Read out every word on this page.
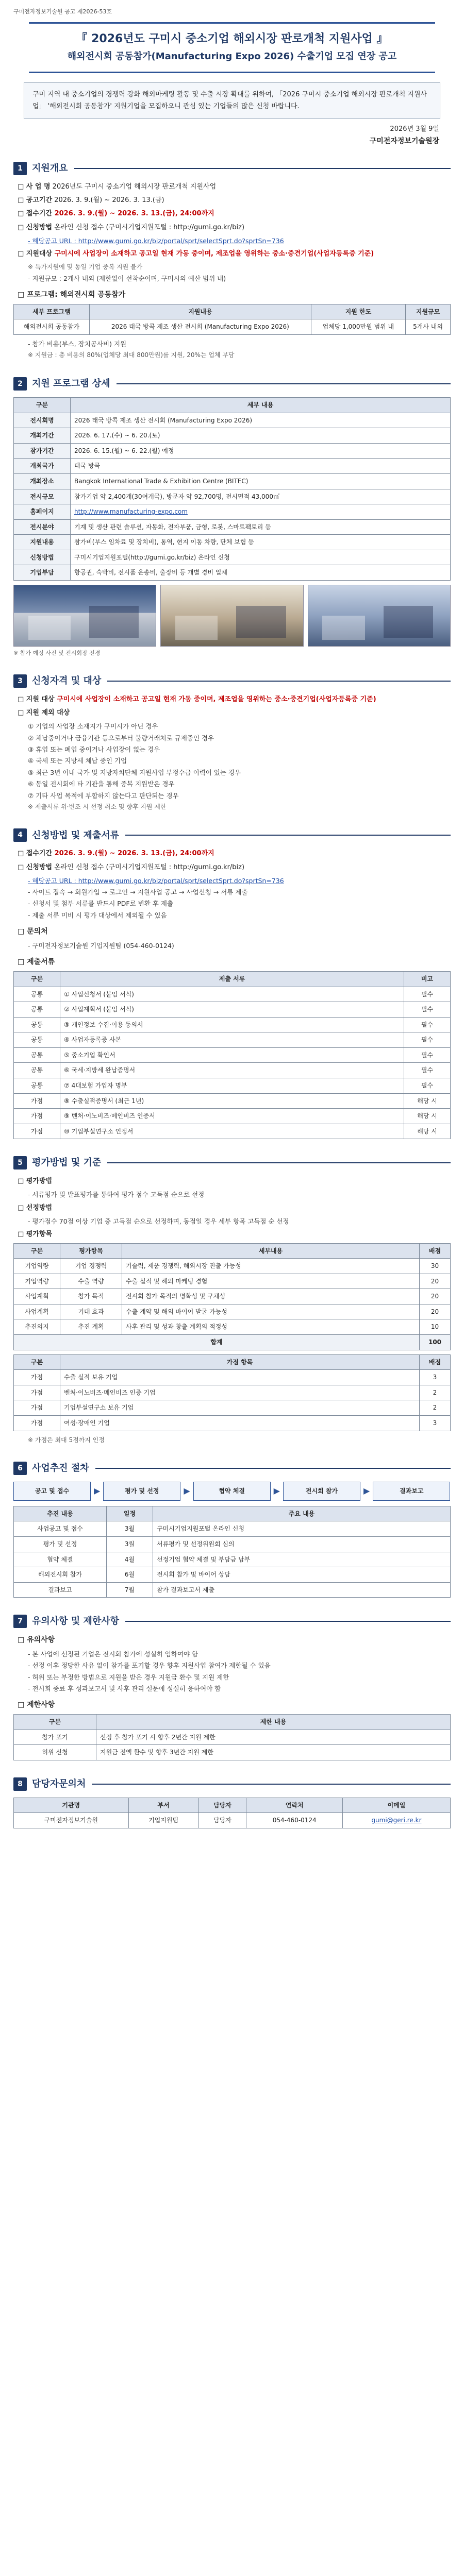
구미전자정보기술원 공고 제2026-53호
『 2026년도 구미시 중소기업 해외시장 판로개척 지원사업 』
해외전시회 공동참가(Manufacturing Expo 2026) 수출기업 모집 연장 공고
구미 지역 내 중소기업의 경쟁력 강화 해외마케팅 활동 및 수출 시장 확대를 위하여, 「2026 구미시 중소기업 해외시장 판로개척 지원사업」 '해외전시회 공동참가' 지원기업을 모집하오니 관심 있는 기업들의 많은 신청 바랍니다.
2026년 3월 9일
구미전자정보기술원장
1	지원개요
□ 사 업 명 2026년도 구미시 중소기업 해외시장 판로개척 지원사업
□ 공고기간 2026. 3. 9.(월) ~ 2026. 3. 13.(금)
□ 접수기간 2026. 3. 9.(월) ~ 2026. 3. 13.(금), 24:00까지
□ 신청방법 온라인 신청 접수 (구미시기업지원포털 : http://gumi.go.kr/biz)
- 해당공고 URL : http://www.gumi.go.kr/biz/portal/sprt/selectSprt.do?sprtSn=736
□ 지원대상 구미시에 사업장이 소재하고 공고일 현재 가동 중이며, 제조업을 영위하는 중소·중견기업(사업자등록증 기준)
※ 특가지원에 및 동일 기업 중복 지원 불가
- 지원규모 : 2개사 내외 (제한없이 선착순이며, 구미시의 예산 범위 내)
□ 프로그램: 해외전시회 공동참가
세부 프로그램	지원내용	지원 한도	지원규모
해외전시회 공동참가	2026 태국 방콕 제조 생산 전시회 (Manufacturing Expo 2026)	업체당 1,000만원 범위 내	5개사 내외
- 참가 비용(부스, 장치공사비) 지원
※ 지원금 : 총 비용의 80%(업체당 최대 800만원)를 지원, 20%는 업체 부담
2	지원 프로그램 상세
구분	세부 내용
전시회명	2026 태국 방콕 제조 생산 전시회 (Manufacturing Expo 2026)
개최기간	2026. 6. 17.(수) ~ 6. 20.(토)
참가기간	2026. 6. 15.(월) ~ 6. 22.(월) 예정
개최국가	태국 방콕
개최장소	Bangkok International Trade & Exhibition Centre (BITEC)
전시규모	참가기업 약 2,400개(30여개국), 방문자 약 92,700명, 전시면적 43,000㎡
홈페이지	http://www.manufacturing-expo.com
전시분야	기계 및 생산 관련 솔루션, 자동화, 전자부품, 금형, 로봇, 스마트팩토리 등
지원내용	참가비(부스 임차료 및 장치비), 통역, 현지 이동 차량, 단체 보험 등
신청방법	구미시기업지원포털(http://gumi.go.kr/biz) 온라인 신청
기업부담	항공권, 숙박비, 전시품 운송비, 출장비 등 개별 경비 일체
※ 참가 예정 사진 및 전시회장 전경
3	신청자격 및 대상
□ 지원 대상 구미시에 사업장이 소재하고 공고일 현재 가동 중이며, 제조업을 영위하는 중소·중견기업(사업자등록증 기준)
□ 지원 제외 대상
① 기업의 사업장 소재지가 구미시가 아닌 경우
② 체납중이거나 금융기관 등으로부터 불량거래처로 규제중인 경우
③ 휴업 또는 폐업 중이거나 사업장이 없는 경우
④ 국세 또는 지방세 체납 중인 기업
⑤ 최근 3년 이내 국가 및 지방자치단체 지원사업 부정수급 이력이 있는 경우
⑥ 동일 전시회에 타 기관을 통해 중복 지원받은 경우
⑦ 기타 사업 목적에 부합하지 않는다고 판단되는 경우
※ 제출서류 위·변조 시 선정 취소 및 향후 지원 제한
4	신청방법 및 제출서류
□ 접수기간 2026. 3. 9.(월) ~ 2026. 3. 13.(금), 24:00까지
□ 신청방법 온라인 신청 접수 (구미시기업지원포털 : http://gumi.go.kr/biz)
- 해당공고 URL : http://www.gumi.go.kr/biz/portal/sprt/selectSprt.do?sprtSn=736
- 사이트 접속 → 회원가입 → 로그인 → 지원사업 공고 → 사업신청 → 서류 제출
- 신청서 및 첨부 서류를 반드시 PDF로 변환 후 제출
- 제출 서류 미비 시 평가 대상에서 제외될 수 있음
□ 문의처
- 구미전자정보기술원 기업지원팀 (054-460-0124)
□ 제출서류
구분	제출 서류	비고
공통	① 사업신청서 (붙임 서식)	필수
공통	② 사업계획서 (붙임 서식)	필수
공통	③ 개인정보 수집·이용 동의서	필수
공통	④ 사업자등록증 사본	필수
공통	⑤ 중소기업 확인서	필수
공통	⑥ 국세·지방세 완납증명서	필수
공통	⑦ 4대보험 가입자 명부	필수
가점	⑧ 수출실적증명서 (최근 1년)	해당 시
가점	⑨ 벤처·이노비즈·메인비즈 인증서	해당 시
가점	⑩ 기업부설연구소 인정서	해당 시
5	평가방법 및 기준
□ 평가방법
- 서류평가 및 발표평가를 통하여 평가 점수 고득점 순으로 선정
□ 선정방법
- 평가점수 70점 이상 기업 중 고득점 순으로 선정하며, 동점일 경우 세부 항목 고득점 순 선정
□ 평가항목
구분	평가항목	세부내용	배점
기업역량	기업 경쟁력	기술력, 제품 경쟁력, 해외시장 진출 가능성	30
기업역량	수출 역량	수출 실적 및 해외 마케팅 경험	20
사업계획	참가 목적	전시회 참가 목적의 명확성 및 구체성	20
사업계획	기대 효과	수출 계약 및 해외 바이어 발굴 가능성	20
추진의지	추진 계획	사후 관리 및 성과 창출 계획의 적정성	10
합계			100
구분	가점 항목	배점
가점	수출 실적 보유 기업	3
가점	벤처·이노비즈·메인비즈 인증 기업	2
가점	기업부설연구소 보유 기업	2
가점	여성·장애인 기업	3
※ 가점은 최대 5점까지 인정
6	사업추진 절차
공고 및 접수	▶	평가 및 선정	▶	협약 체결	▶	전시회 참가	▶	결과보고
추진 내용	일정	주요 내용
사업공고 및 접수	3월	구미시기업지원포털 온라인 신청
평가 및 선정	3월	서류평가 및 선정위원회 심의
협약 체결	4월	선정기업 협약 체결 및 부담금 납부
해외전시회 참가	6월	전시회 참가 및 바이어 상담
결과보고	7월	참가 결과보고서 제출
7	유의사항 및 제한사항
□ 유의사항
- 본 사업에 선정된 기업은 전시회 참가에 성실히 임하여야 함
- 선정 이후 정당한 사유 없이 참가를 포기할 경우 향후 지원사업 참여가 제한될 수 있음
- 허위 또는 부정한 방법으로 지원을 받은 경우 지원금 환수 및 지원 제한
- 전시회 종료 후 성과보고서 및 사후 관리 설문에 성실히 응하여야 함
□ 제한사항
구분	제한 내용
참가 포기	선정 후 참가 포기 시 향후 2년간 지원 제한
허위 신청	지원금 전액 환수 및 향후 3년간 지원 제한
8	담당자문의처
기관명	부서	담당자	연락처	이메일
구미전자정보기술원	기업지원팀	담당자	054-460-0124	gumi@geri.re.kr
